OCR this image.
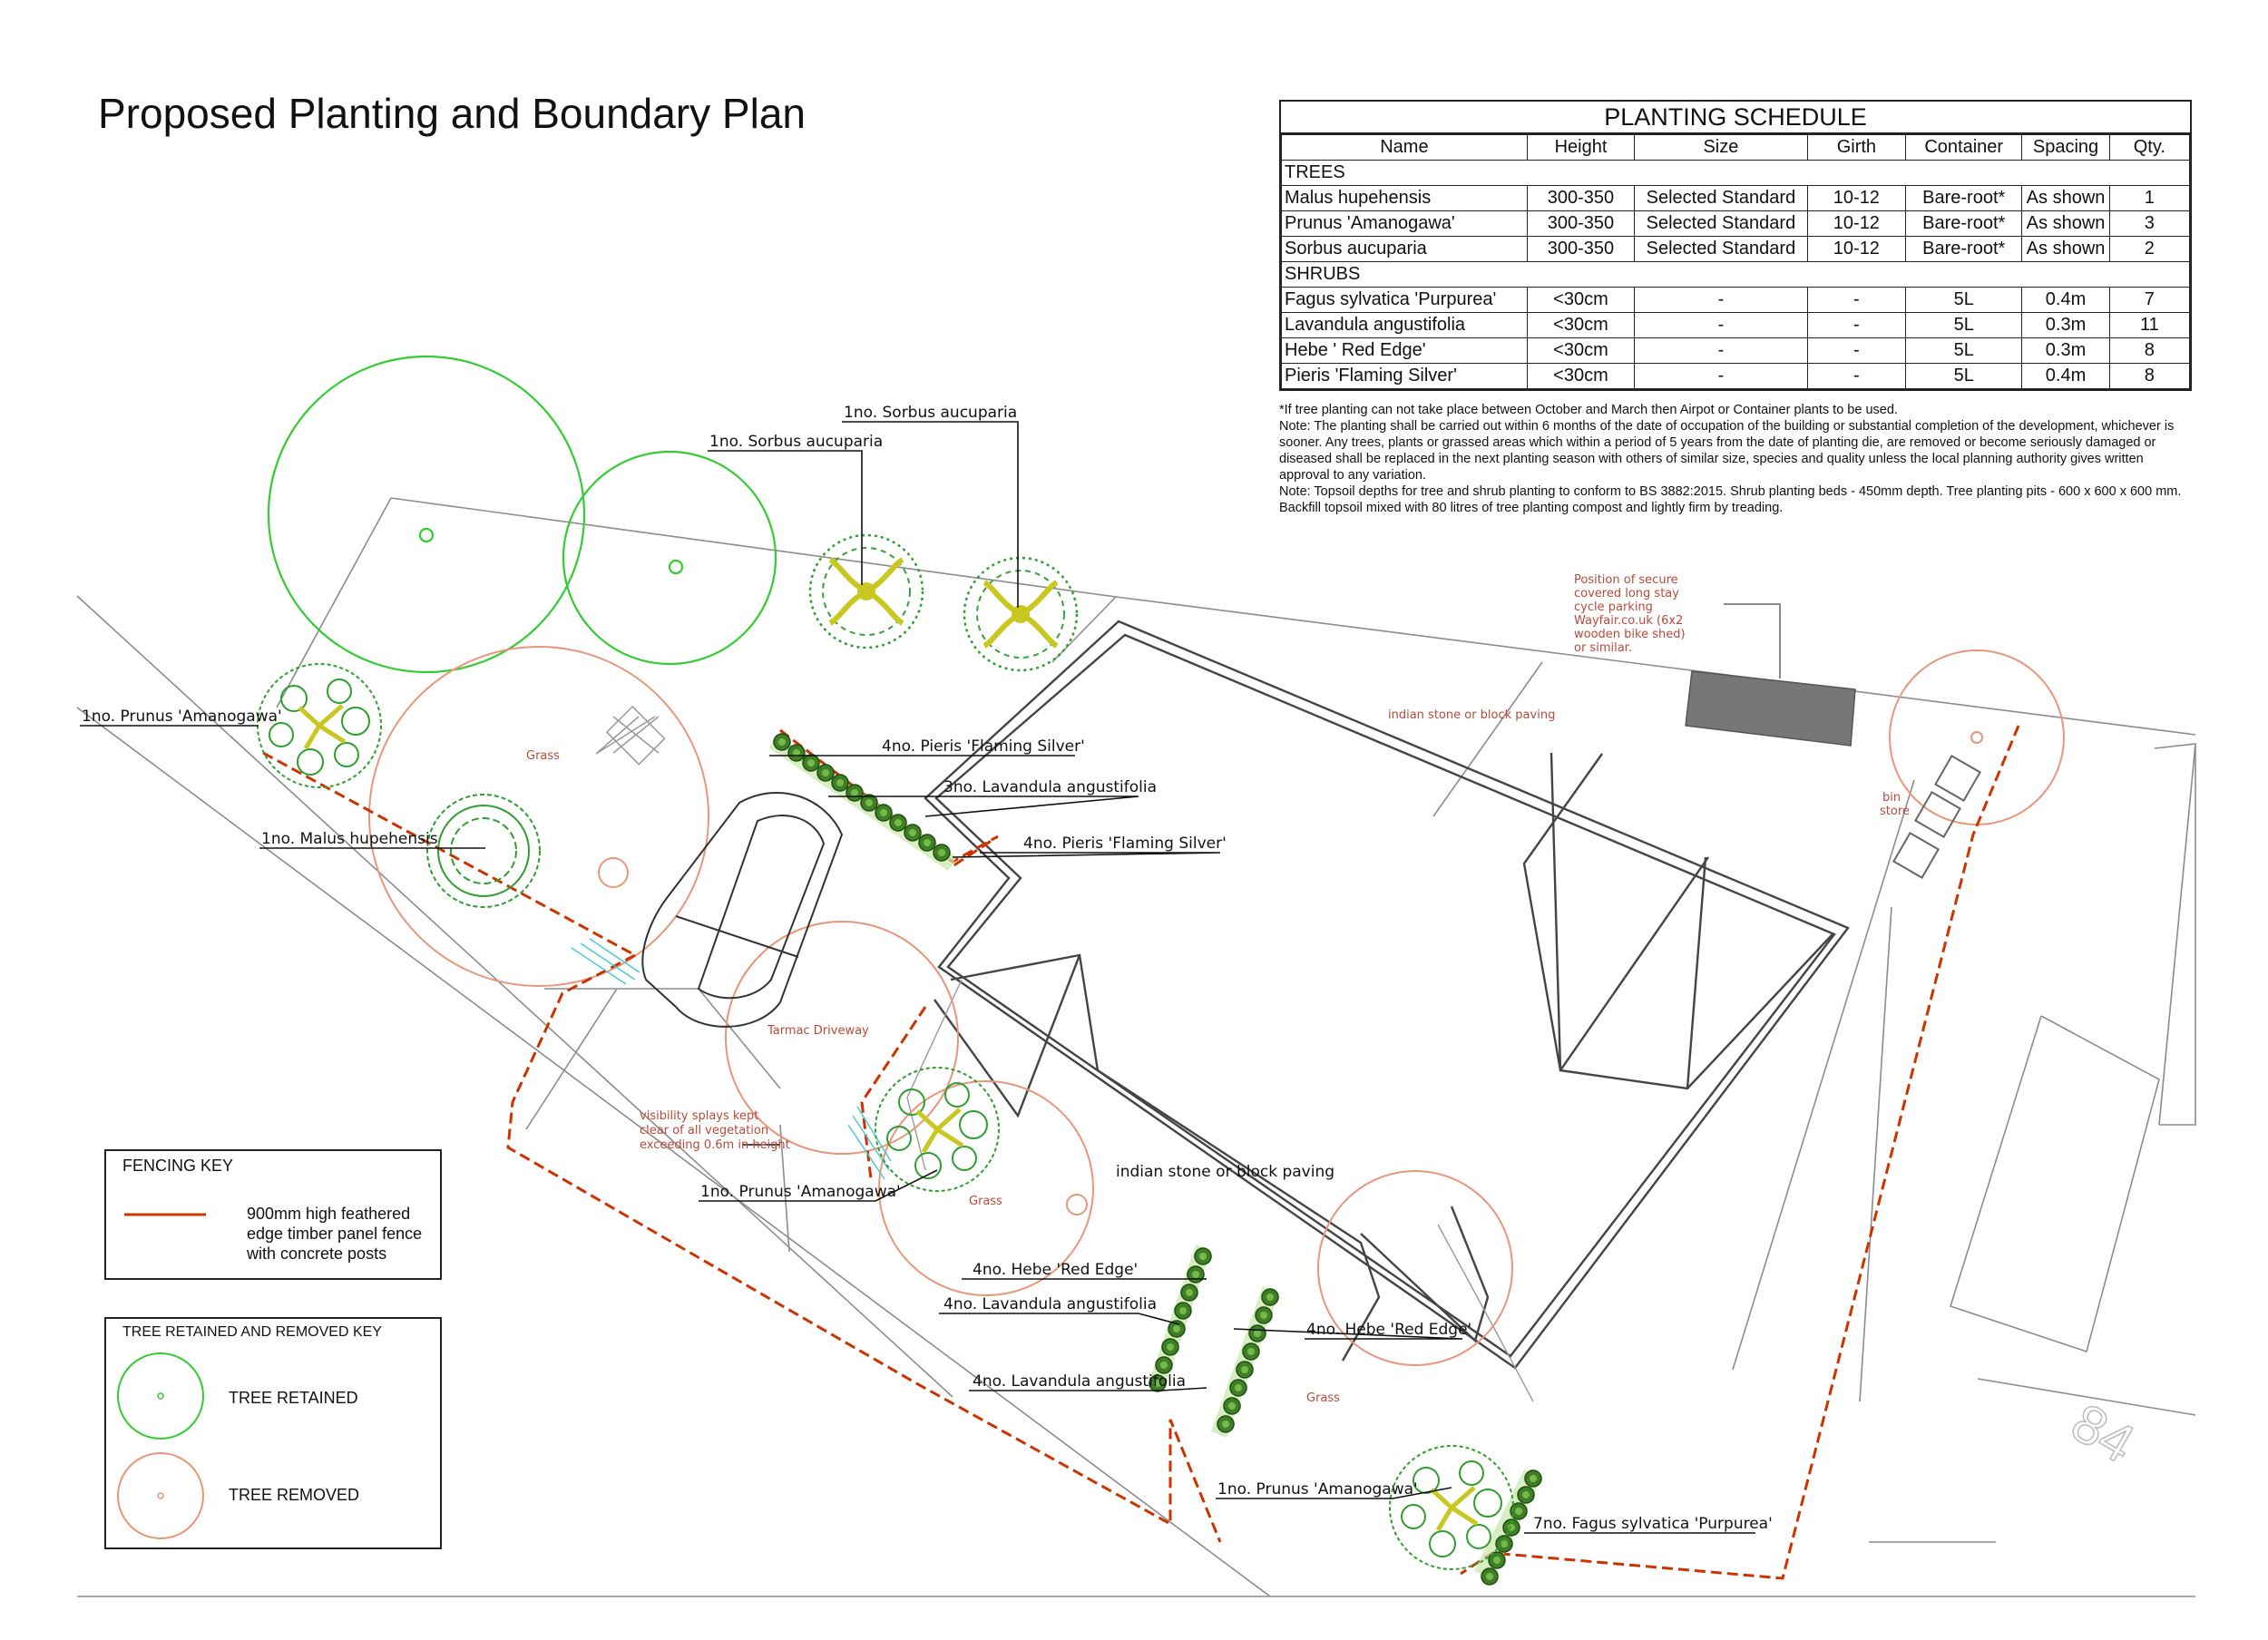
1no. Sorbus aucuparia
1no. Sorbus aucuparia
1no. Prunus 'Amanogawa'
1no. Malus hupehensis
4no. Pieris 'Flaming Silver'
3no. Lavandula angustifolia
4no. Pieris 'Flaming Silver'
1no. Prunus 'Amanogawa'
indian stone or block paving
4no. Hebe 'Red Edge'
4no. Lavandula angustifolia
4no. Hebe 'Red Edge'
4no. Lavandula angustifolia
1no. Prunus 'Amanogawa'
7no. Fagus sylvatica 'Purpurea'
Grass
Grass
Grass
Tarmac Driveway
indian stone or block paving
bin
store
visibility splays kept
clear of all vegetation
exceeding 0.6m in height
Position of secure
covered long stay
cycle parking
Wayfair.co.uk (6x2
wooden bike shed)
or similar.
84
Proposed Planting and Boundary Plan	PLANTING SCHEDULE
Name	Height	Size	Girth	Container	Spacing	Qty.
TREES						
Malus hupehensis	300-350	Selected Standard	10-12	Bare-root*	As shown	1
Prunus 'Amanogawa'	300-350	Selected Standard	10-12	Bare-root*	As shown	3
Sorbus aucuparia	300-350	Selected Standard	10-12	Bare-root*	As shown	2
SHRUBS						
Fagus sylvatica 'Purpurea'	<30cm	-	-	5L	0.4m	7
Lavandula angustifolia	<30cm	-	-	5L	0.3m	11
Hebe ' Red Edge'	<30cm	-	-	5L	0.3m	8
Pieris 'Flaming Silver'	<30cm	-	-	5L	0.4m	8

*If tree planting can not take place between October and March then Airpot or Container plants to be used.

Note: The planting shall be carried out within 6 months of the date of occupation of the building or substantial completion of the development, whichever is sooner. Any trees, plants or grassed areas which within a period of 5 years from the date of planting die, are removed or become seriously damaged or diseased shall be replaced in the next planting season with others of similar size, species and quality unless the local planning authority gives written approval to any variation.

Note: Topsoil depths for tree and shrub planting to conform to BS 3882:2015. Shrub planting beds - 450mm depth. Tree planting pits - 600 x 600 x 600 mm. Backfill topsoil mixed with 80 litres of tree planting compost and lightly firm by treading.

FENCING KEY
900mm high feathered
edge timber panel fence
with concrete posts
TREE RETAINED AND REMOVED KEY
TREE RETAINED
TREE REMOVED
